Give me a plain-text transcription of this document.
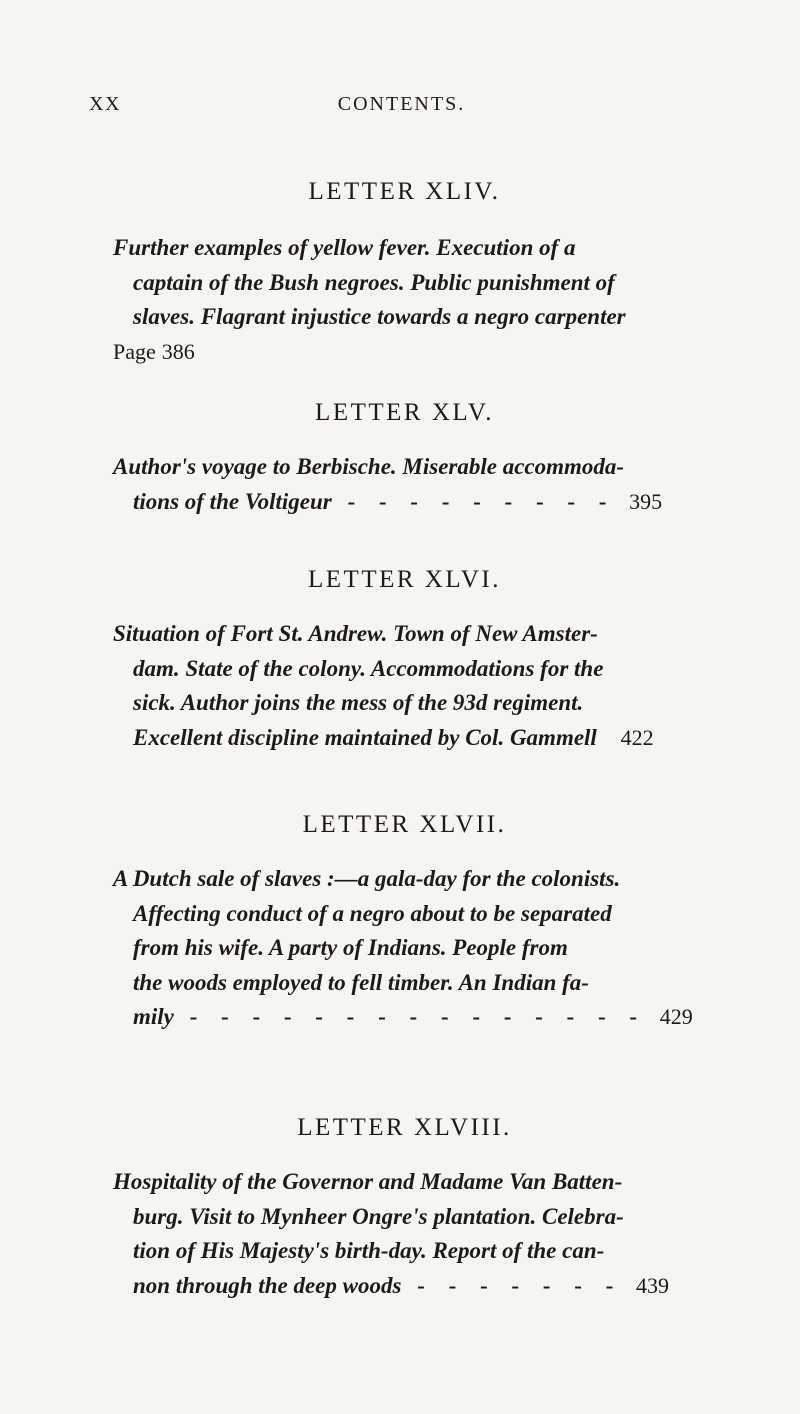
XX	CONTENTS.
LETTER XLIV.
Further examples of yellow fever. Execution of a
captain of the Bush negroes. Public punishment of
slaves. Flagrant injustice towards a negro carpenter
Page 386
LETTER XLV.
Author's voyage to Berbische. Miserable accommoda-
tions of the Voltigeur - - - - - - - - - 395
LETTER XLVI.
Situation of Fort St. Andrew. Town of New Amster-
dam. State of the colony. Accommodations for the
sick. Author joins the mess of the 93d regiment.
Excellent discipline maintained by Col. Gammell 422
LETTER XLVII.
A Dutch sale of slaves :—a gala-day for the colonists.
Affecting conduct of a negro about to be separated
from his wife. A party of Indians. People from
the woods employed to fell timber. An Indian fa-
mily - - - - - - - - - - - - - - - 429
LETTER XLVIII.
Hospitality of the Governor and Madame Van Batten-
burg. Visit to Mynheer Ongre's plantation. Celebra-
tion of His Majesty's birth-day. Report of the can-
non through the deep woods - - - - - - - 439
